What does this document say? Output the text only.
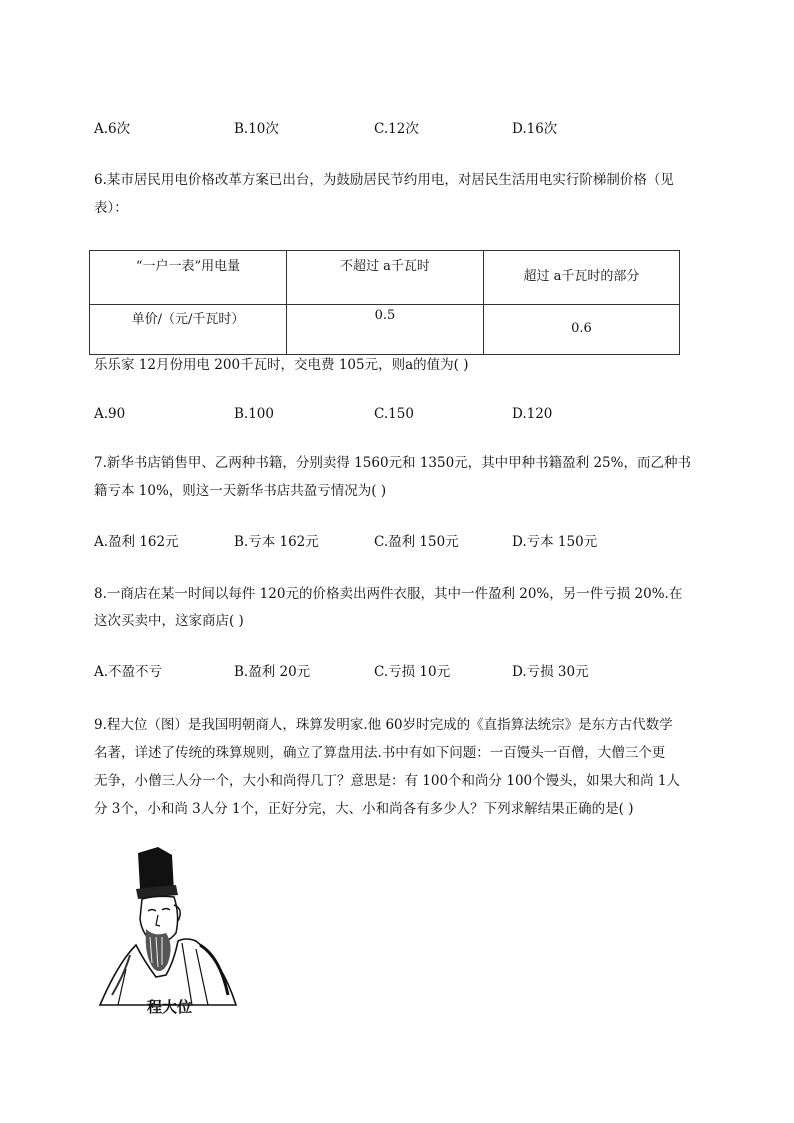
A.6次	B.10次	C.12次	D.16次
6.某市居民用电价格改革方案已出台，为鼓励居民节约用电，对居民生活用电实行阶梯制价格（见
表）：
“一户一表”用电量	不超过 a千瓦时	超过 a千瓦时的部分

单价/（元/千瓦时）	0.5	0.6
乐乐家 12月份用电 200千瓦时，交电费 105元，则a的值为( )
A.90	B.100	C.150	D.120
7.新华书店销售甲、乙两种书籍，分别卖得 1560元和 1350元，其中甲种书籍盈利 25%，而乙种书
籍亏本 10%，则这一天新华书店共盈亏情况为( )
A.盈利 162元	B.亏本 162元	C.盈利 150元	D.亏本 150元
8.一商店在某一时间以每件 120元的价格卖出两件衣服，其中一件盈利 20%，另一件亏损 20%.在
这次买卖中，这家商店( )
A.不盈不亏	B.盈利 20元	C.亏损 10元	D.亏损 30元
9.程大位（图）是我国明朝商人，珠算发明家.他 60岁时完成的《直指算法统宗》是东方古代数学
名著，详述了传统的珠算规则，确立了算盘用法.书中有如下问题：一百馒头一百僧，大僧三个更
无争，小僧三人分一个，大小和尚得几丁？意思是：有 100个和尚分 100个馒头，如果大和尚 1人
分 3个，小和尚 3人分 1个，正好分完，大、小和尚各有多少人？下列求解结果正确的是( )
程大位
